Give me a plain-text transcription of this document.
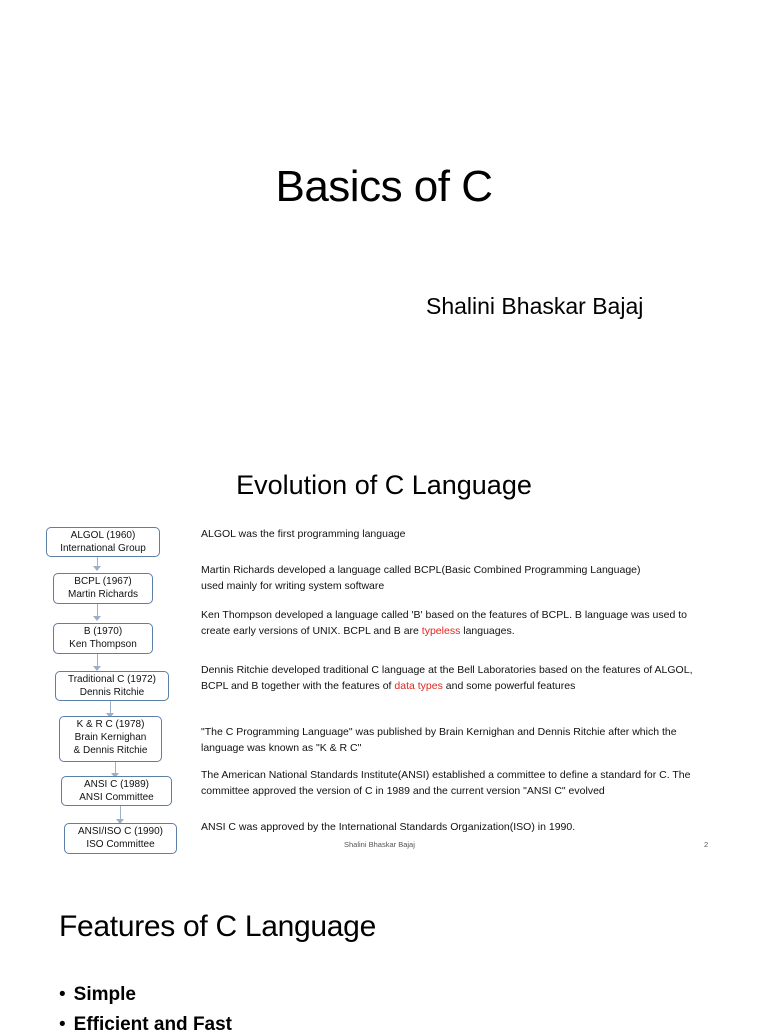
Basics of C
Shalini Bhaskar Bajaj
Evolution of C Language
ALGOL (1960)
International Group
BCPL (1967)
Martin Richards
B (1970)
Ken Thompson
Traditional C (1972)
Dennis Ritchie
K & R C (1978)
Brain Kernighan
& Dennis Ritchie
ANSI C (1989)
ANSI Committee
ANSI/ISO C (1990)
ISO Committee
ALGOL was the first programming language
Martin Richards developed a language called BCPL(Basic Combined Programming Language)
used mainly for writing system software
Ken Thompson developed a language called 'B' based on the features of BCPL. B language was used to
create early versions of UNIX. BCPL and B are typeless languages.
Dennis Ritchie developed traditional C language at the Bell Laboratories based on the features of ALGOL,
BCPL and B together with the features of data types and some powerful features
"The C Programming Language" was published by Brain Kernighan and Dennis Ritchie after which the
language was known as "K & R C"
The American National Standards Institute(ANSI) established a committee to define a standard for C. The
committee approved the version of C in 1989 and the current version "ANSI C" evolved
ANSI C was approved by the International Standards Organization(ISO) in 1990.
Shalini Bhaskar Bajaj	2
Features of C Language
• Simple
• Efficient and Fast
